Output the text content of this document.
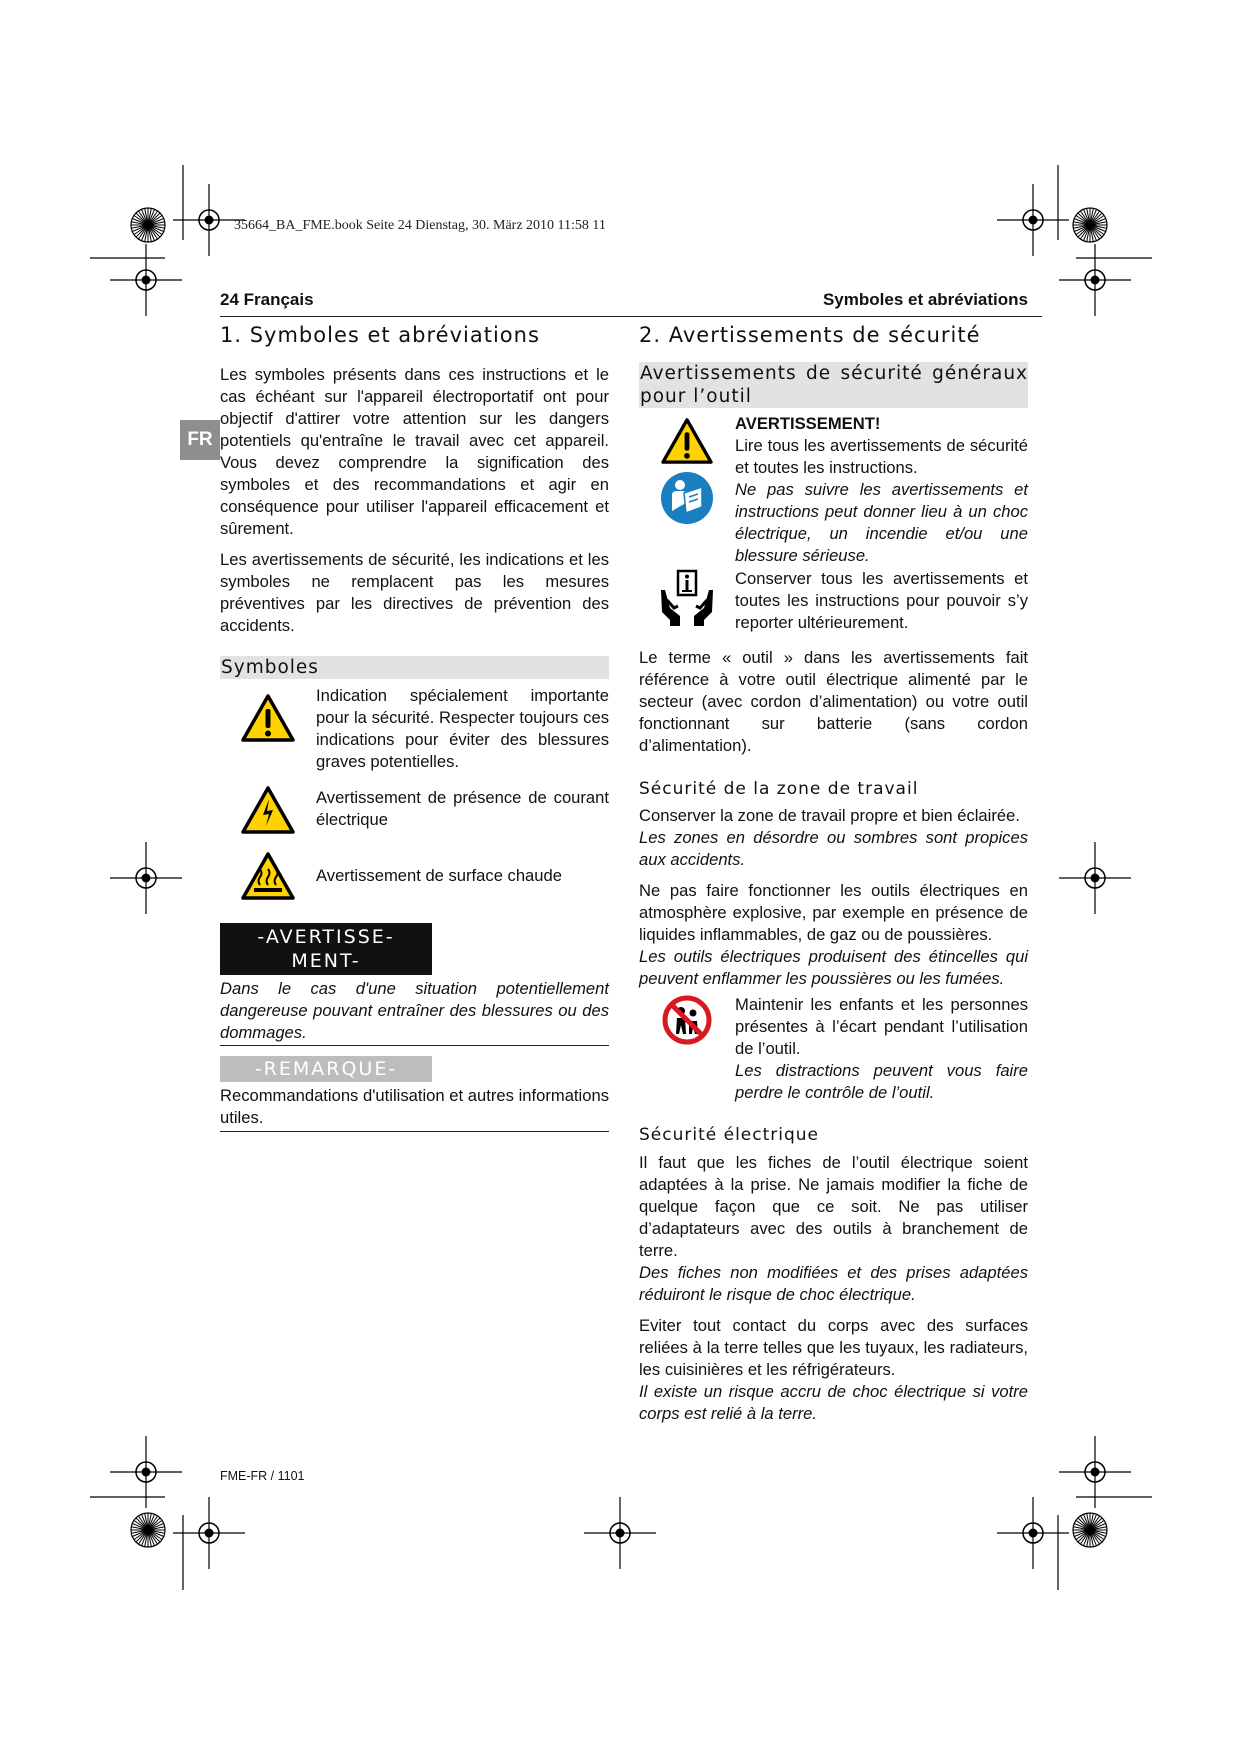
35664_BA_FME.book Seite 24 Dienstag, 30. März 2010 11:58 11
24 Français	Symboles et abréviations
FR
1. Symboles et abréviations

Les symboles présents dans ces instructions et le cas échéant sur l'appareil électroportatif ont pour objectif d'attirer votre attention sur les dangers potentiels qu'entraîne le travail avec cet appareil. Vous devez comprendre la signification des symboles et des recommandations et agir en conséquence pour utiliser l'appareil efficacement et sûrement.

Les avertissements de sécurité, les indications et les symboles ne remplacent pas les mesures préventives par les directives de prévention des accidents.

Symboles
Indication spécialement importante pour la sécurité. Respecter toujours ces indications pour éviter des blessures graves potentielles.
Avertissement de présence de courant électrique
Avertissement de surface chaude
-AVERTISSE-
MENT-

Dans le cas d'une situation potentiellement dangereuse pouvant entraîner des blessures ou des dommages.

-REMARQUE-

Recommandations d'utilisation et autres informations utiles.

2. Avertissements de sécurité
Avertissements de sécurité généraux pour l’outil
AVERTISSEMENT!
Lire tous les avertissements de sécurité et toutes les instructions.
Ne pas suivre les avertissements et instructions peut donner lieu à un choc électrique, un incendie et/ou une blessure sérieuse.
Conserver tous les avertissements et toutes les instructions pour pouvoir s’y reporter ultérieurement.

Le terme « outil » dans les avertissements fait référence à votre outil électrique alimenté par le secteur (avec cordon d’alimentation) ou votre outil fonctionnant sur batterie (sans cordon d’alimentation).

Sécurité de la zone de travail

Conserver la zone de travail propre et bien éclairée.
Les zones en désordre ou sombres sont propices aux accidents.

Ne pas faire fonctionner les outils électriques en atmosphère explosive, par exemple en présence de liquides inflammables, de gaz ou de poussières.
Les outils électriques produisent des étincelles qui peuvent enflammer les poussières ou les fumées.

Maintenir les enfants et les personnes présentes à l’écart pendant l’utilisation de l’outil.
Les distractions peuvent vous faire perdre le contrôle de l’outil.
Sécurité électrique

Il faut que les fiches de l’outil électrique soient adaptées à la prise. Ne jamais modifier la fiche de quelque façon que ce soit. Ne pas utiliser d’adaptateurs avec des outils à branchement de terre.
Des fiches non modifiées et des prises adaptées réduiront le risque de choc électrique.

Eviter tout contact du corps avec des surfaces reliées à la terre telles que les tuyaux, les radiateurs, les cuisinières et les réfrigérateurs.
Il existe un risque accru de choc électrique si votre corps est relié à la terre.

FME-FR / 1101
